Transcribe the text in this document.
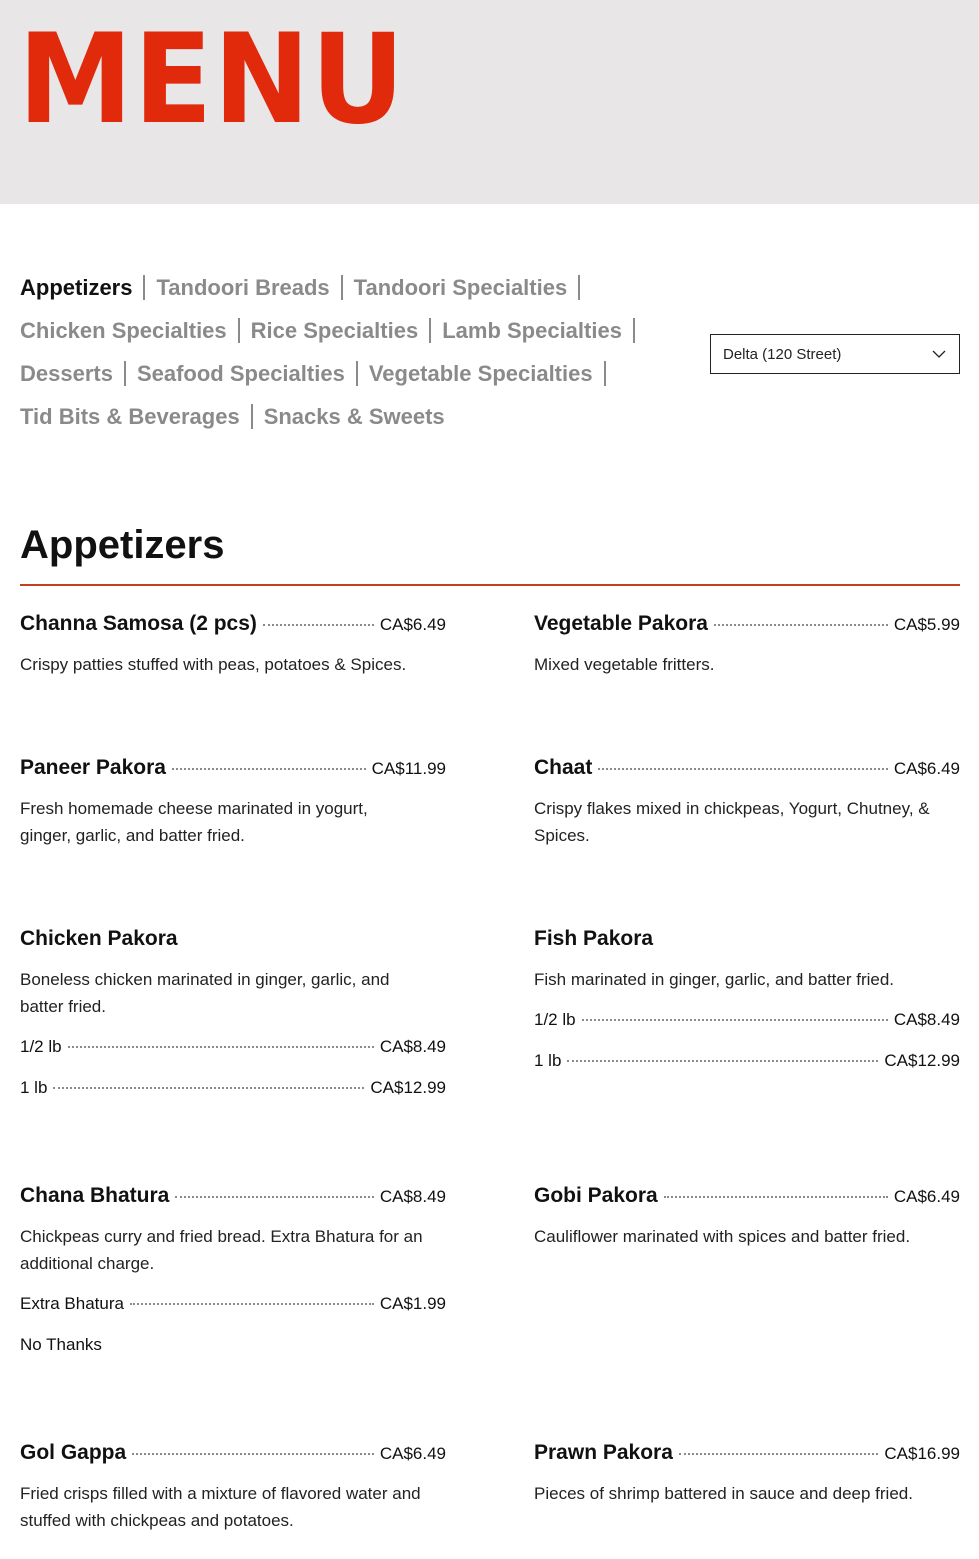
MENU
Appetizers Tandoori Breads Tandoori Specialties
Chicken Specialties Rice Specialties Lamb Specialties
Desserts Seafood Specialties Vegetable Specialties
Tid Bits & Beverages Snacks & Sweets
Delta (120 Street)
Appetizers
Channa Samosa (2 pcs)	CA$6.49
Crispy patties stuffed with peas, potatoes & Spices.
Vegetable Pakora	CA$5.99
Mixed vegetable fritters.
Paneer Pakora	CA$11.99
Fresh homemade cheese marinated in yogurt, ginger, garlic, and batter fried.
Chaat	CA$6.49
Crispy flakes mixed in chickpeas, Yogurt, Chutney, & Spices.
Chicken Pakora
Boneless chicken marinated in ginger, garlic, and batter fried.
1/2 lb	CA$8.49
1 lb	CA$12.99
Fish Pakora
Fish marinated in ginger, garlic, and batter fried.
1/2 lb	CA$8.49
1 lb	CA$12.99
Chana Bhatura	CA$8.49
Chickpeas curry and fried bread. Extra Bhatura for an additional charge.
Extra Bhatura	CA$1.99
No Thanks
Gobi Pakora	CA$6.49
Cauliflower marinated with spices and batter fried.
Gol Gappa	CA$6.49
Fried crisps filled with a mixture of flavored water and stuffed with chickpeas and potatoes.
Prawn Pakora	CA$16.99
Pieces of shrimp battered in sauce and deep fried.
